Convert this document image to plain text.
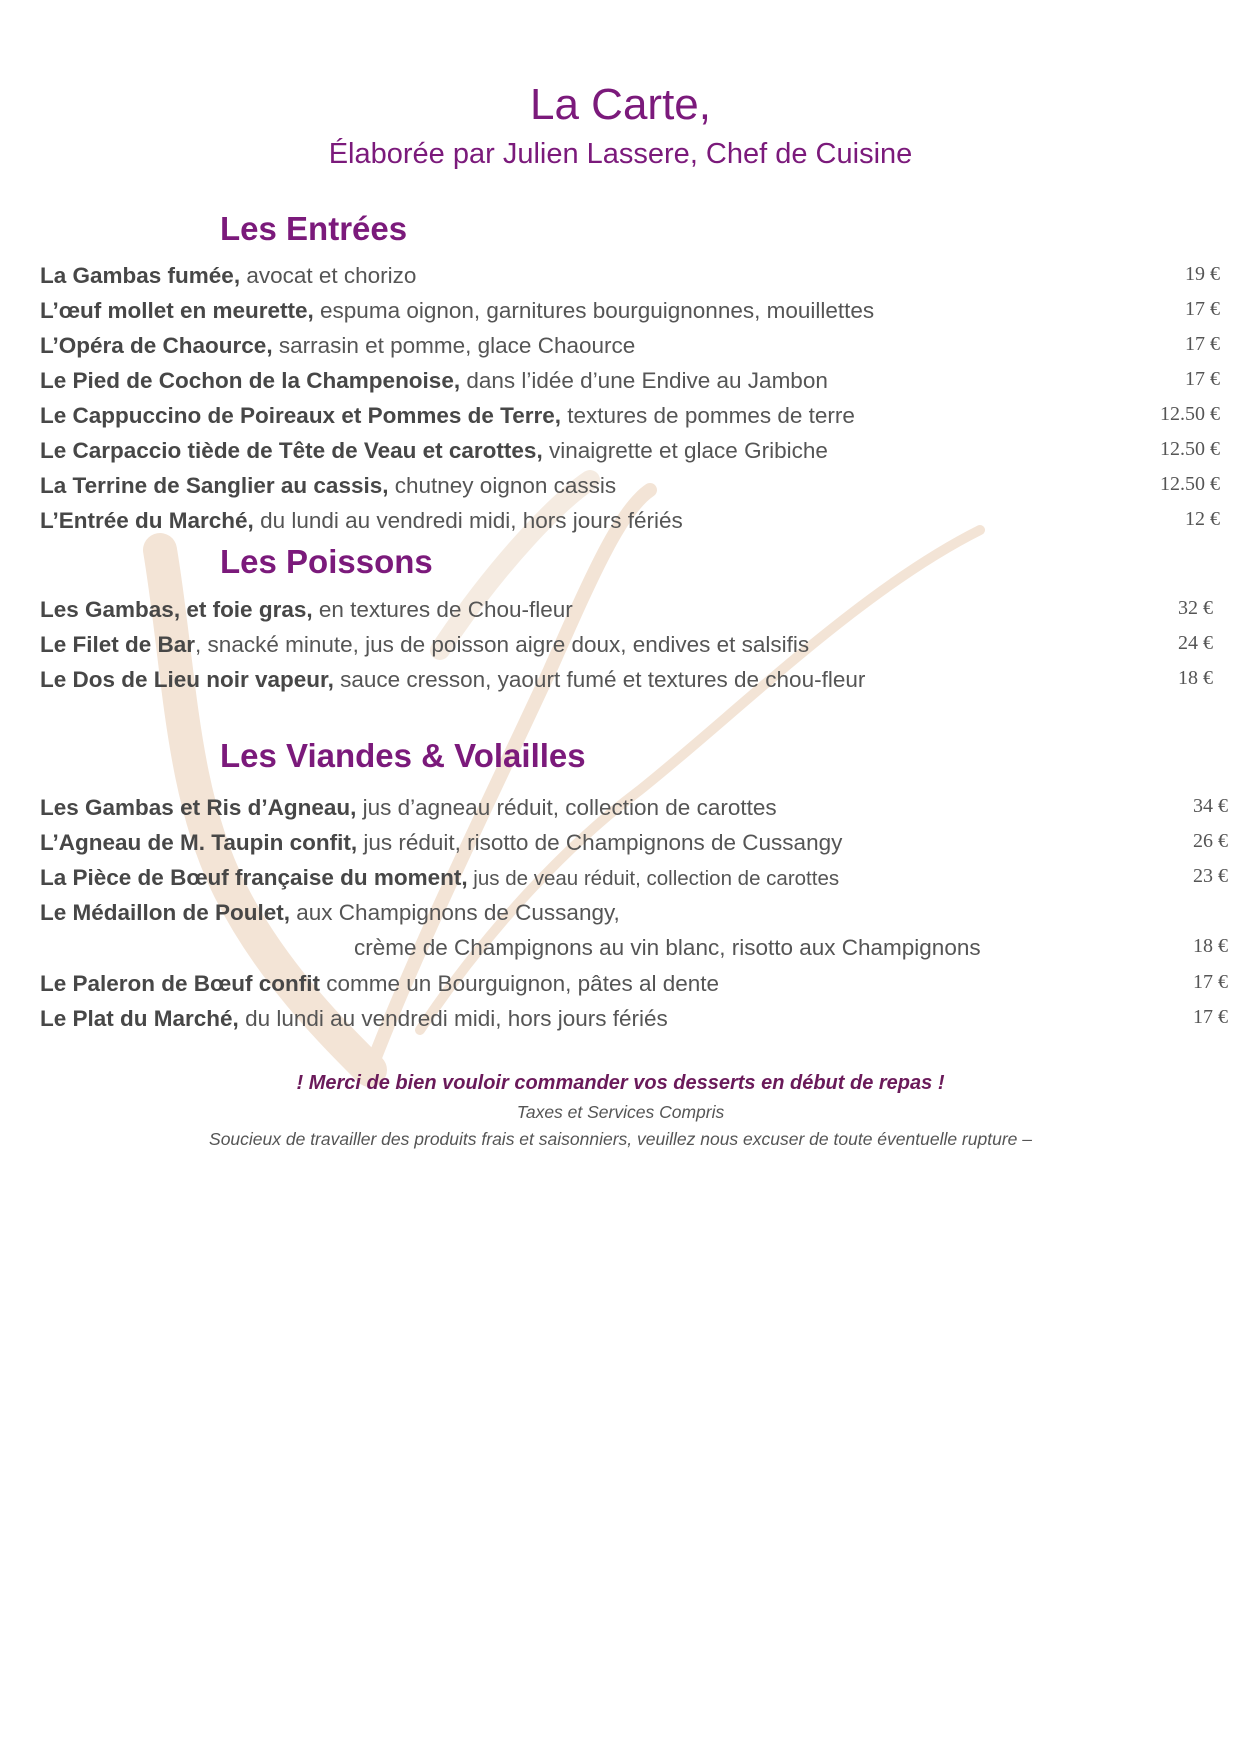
La Carte,
Élaborée par Julien Lassere, Chef de Cuisine
Les Entrées
La Gambas fumée, avocat et chorizo	19 €
L’œuf mollet en meurette, espuma oignon, garnitures bourguignonnes, mouillettes	17 €
L’Opéra de Chaource, sarrasin et pomme, glace Chaource	17 €
Le Pied de Cochon de la Champenoise, dans l’idée d’une Endive au Jambon	17 €
Le Cappuccino de Poireaux et Pommes de Terre, textures de pommes de terre	12.50 €
Le Carpaccio tiède de Tête de Veau et carottes, vinaigrette et glace Gribiche	12.50 €
La Terrine de Sanglier au cassis, chutney oignon cassis	12.50 €
L’Entrée du Marché, du lundi au vendredi midi, hors jours fériés	12 €
Les Poissons
Les Gambas, et foie gras, en textures de Chou-fleur	32 €
Le Filet de Bar, snacké minute, jus de poisson aigre doux, endives et salsifis	24 €
Le Dos de Lieu noir vapeur, sauce cresson, yaourt fumé et textures de chou-fleur	18 €
Les Viandes & Volailles
Les Gambas et Ris d’Agneau, jus d’agneau réduit, collection de carottes	34 €
L’Agneau de M. Taupin confit, jus réduit, risotto de Champignons de Cussangy	26 €
La Pièce de Bœuf française du moment, jus de veau réduit, collection de carottes	23 €
Le Médaillon de Poulet, aux Champignons de Cussangy,
crème de Champignons au vin blanc, risotto aux Champignons	18 €
Le Paleron de Bœuf confit comme un Bourguignon, pâtes al dente	17 €
Le Plat du Marché, du lundi au vendredi midi, hors jours fériés	17 €
! Merci de bien vouloir commander vos desserts en début de repas !
Taxes et Services Compris
Soucieux de travailler des produits frais et saisonniers, veuillez nous excuser de toute éventuelle rupture –
